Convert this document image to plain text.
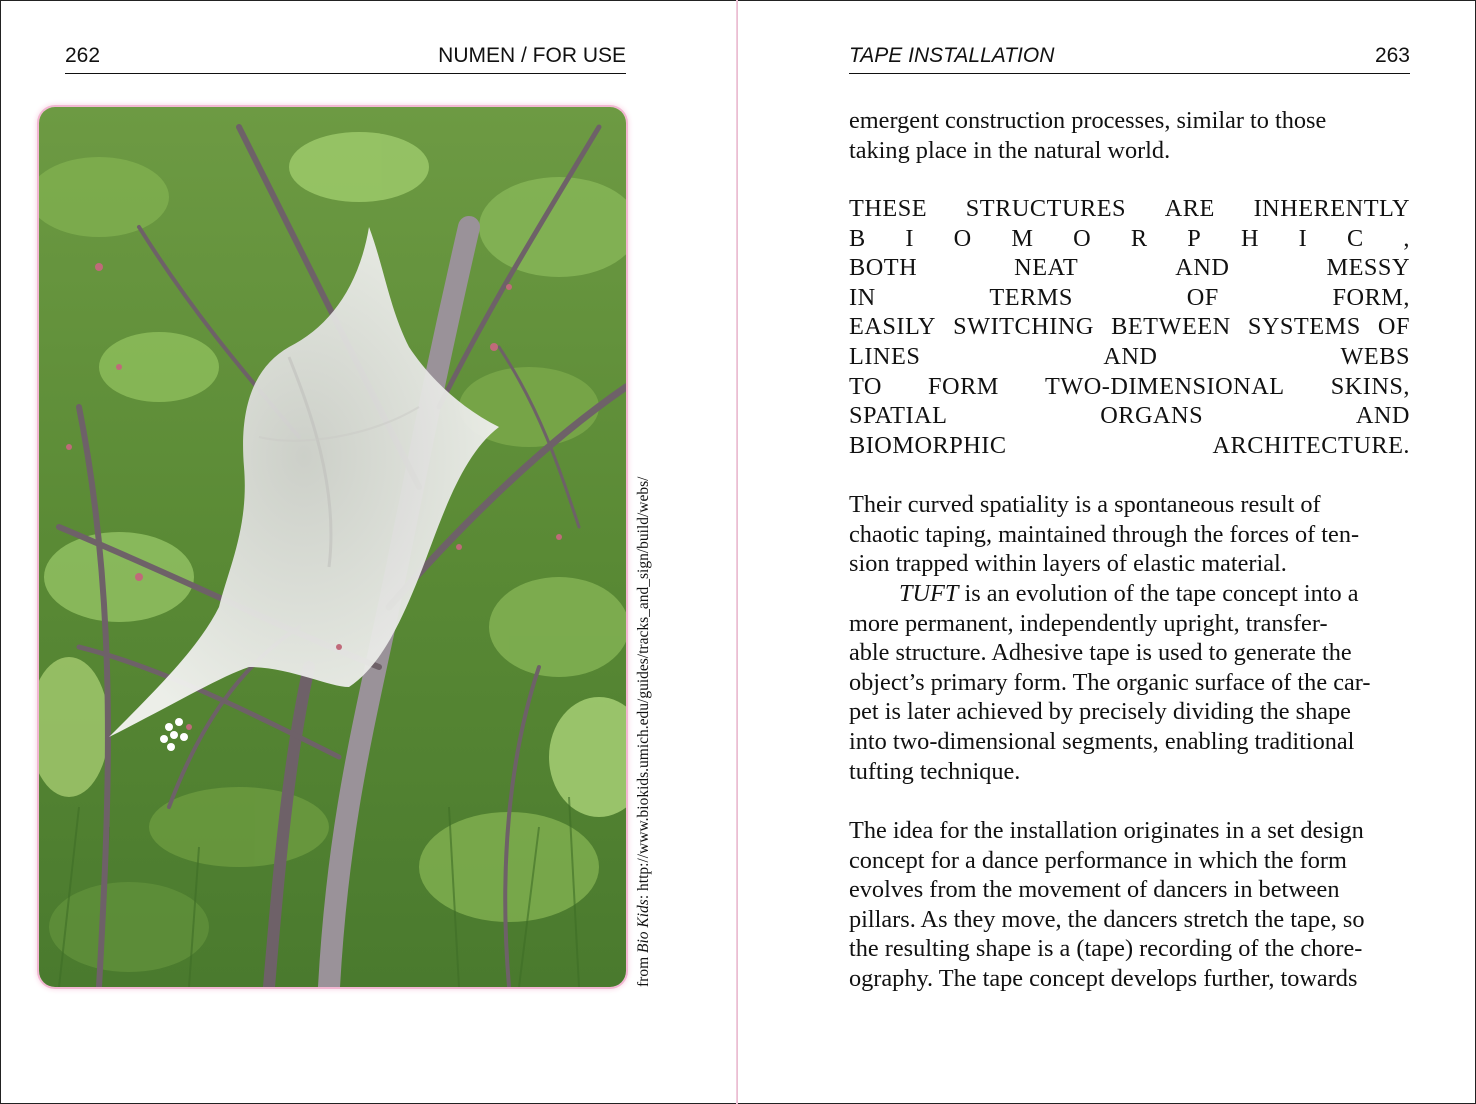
262	NUMEN / FOR USE
from Bio Kids: http://www.biokids.umich.edu/guides/tracks_and_sign/build/webs/
TAPE INSTALLATION	263
emergent construction processes, similar to those
taking place in the natural world.
THESE STRUCTURES ARE INHERENTLY
B I O M O R P H I C ,
BOTH	NEAT	AND	MESSY
IN	TERMS	OF	FORM,
EASILY SWITCHING BETWEEN SYSTEMS OF
LINES	AND	WEBS
TO FORM TWO-DIMENSIONAL SKINS,
SPATIAL	ORGANS	AND
BIOMORPHIC	ARCHITECTURE.
Their curved spatiality is a spontaneous result of
chaotic taping, maintained through the forces of ten-
sion trapped within layers of elastic material.
TUFT is an evolution of the tape concept into a
more permanent, independently upright, transfer-
able structure. Adhesive tape is used to generate the
object’s primary form. The organic surface of the car-
pet is later achieved by precisely dividing the shape
into two-dimensional segments, enabling traditional
tufting technique.
The idea for the installation originates in a set design
concept for a dance performance in which the form
evolves from the movement of dancers in between
pillars. As they move, the dancers stretch the tape, so
the resulting shape is a (tape) recording of the chore-
ography. The tape concept develops further, towards
